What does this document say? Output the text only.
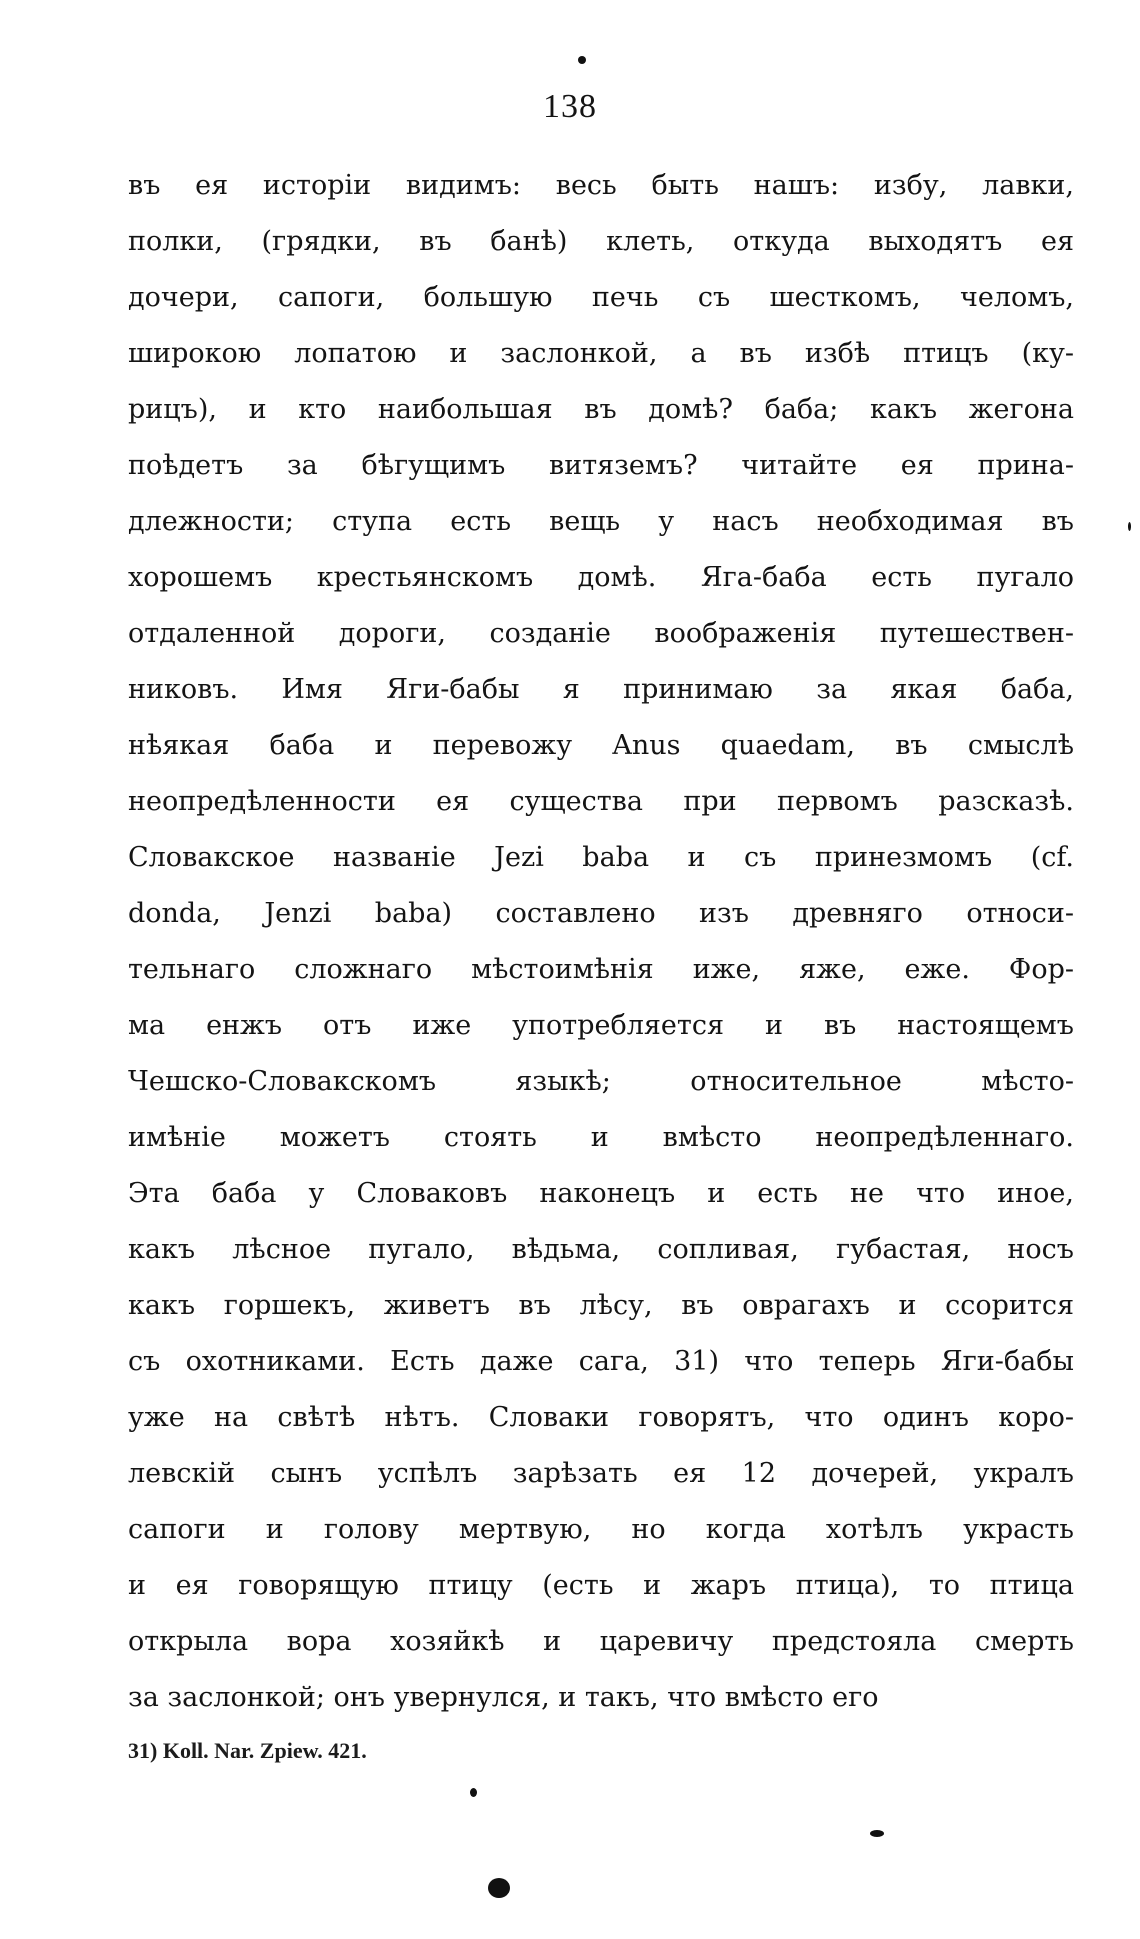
138
въ ея исторіи видимъ: весь быть нашъ: избу, лавки,
полки, (грядки, въ банѣ) клеть, откуда выходятъ ея
дочери, сапоги, большую печь съ шесткомъ, челомъ,
широкою лопатою и заслонкой, а въ избѣ птицъ (ку-
рицъ), и кто наибольшая въ домѣ? баба; какъ жегона
поѣдетъ за бѣгущимъ витяземъ? читайте ея прина-
длежности; ступа есть вещь у насъ необходимая въ
хорошемъ крестьянскомъ домѣ. Яга-баба есть пугало
отдаленной дороги, созданіе воображенія путешествен-
никовъ. Имя Яги-бабы я принимаю за якая баба,
нѣякая баба и перевожу Anus quaedam, въ смыслѣ
неопредѣленности ея существа при первомъ разсказѣ.
Словакское названіе Jezi baba и съ принезмомъ (cf.
donda, Jenzi baba) составлено изъ древняго относи-
тельнаго сложнаго мѣстоимѣнія иже, яже, еже. Фор-
ма енжъ отъ иже употребляется и въ настоящемъ
Чешско-Словакскомъ языкѣ; относительное мѣсто-
имѣніе можетъ стоять и вмѣсто неопредѣленнаго.
Эта баба у Словаковъ наконецъ и есть не что иное,
какъ лѣсное пугало, вѣдьма, сопливая, губастая, носъ
какъ горшекъ, живетъ въ лѣсу, въ оврагахъ и ссорится
съ охотниками. Есть даже сага, 31) что теперь Яги-бабы
уже на свѣтѣ нѣтъ. Словаки говорятъ, что одинъ коро-
левскій сынъ успѣлъ зарѣзать ея 12 дочерей, укралъ
сапоги и голову мертвую, но когда хотѣлъ украсть
и ея говорящую птицу (есть и жаръ птица), то птица
открыла вора хозяйкѣ и царевичу предстояла смерть
за заслонкой; онъ увернулся, и такъ, что вмѣсто его
31) Koll. Nar. Zpiew. 421.
